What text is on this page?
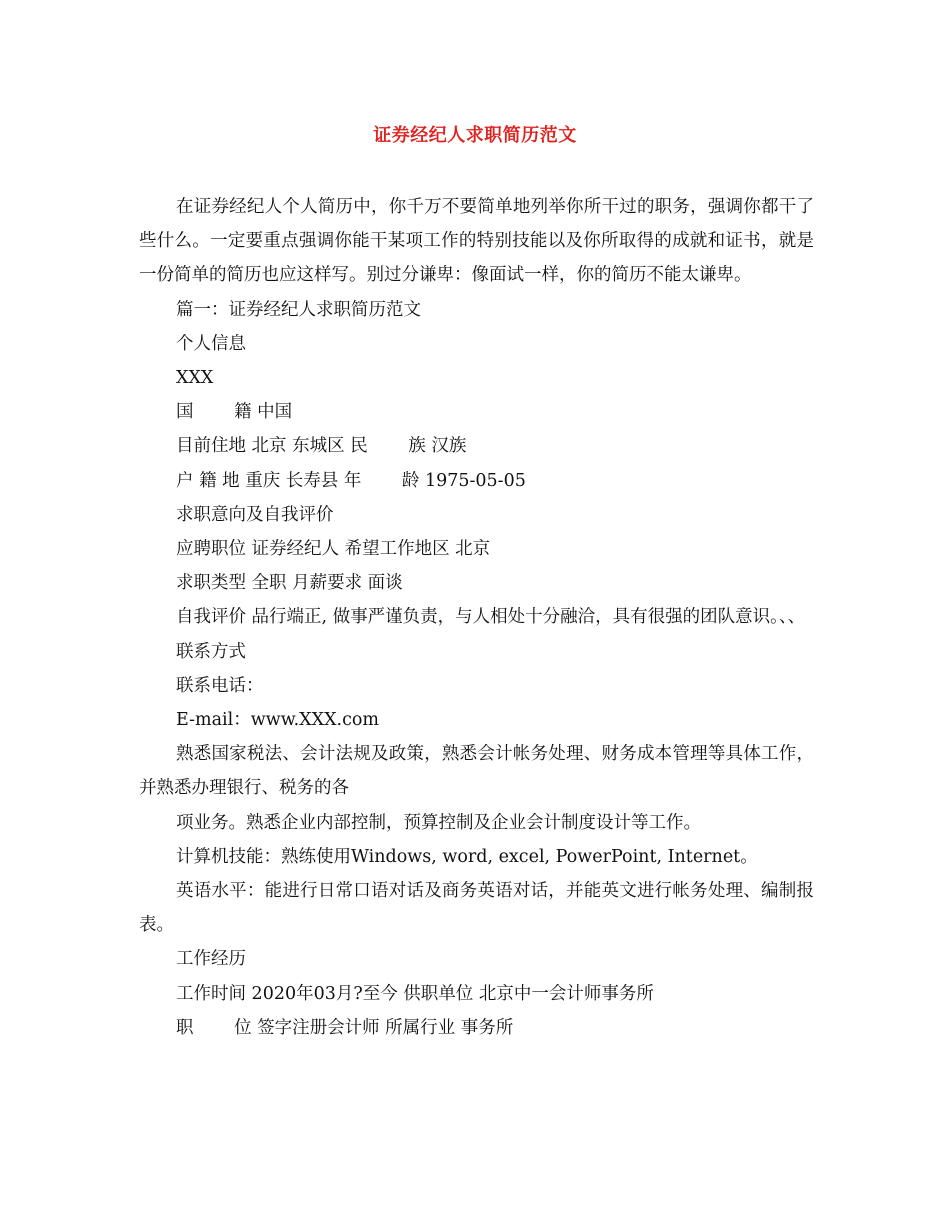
证券经纪人求职简历范文

在证券经纪人个人简历中，你千万不要简单地列举你所干过的职务，强调你都干了些什么。一定要重点强调你能干某项工作的特别技能以及你所取得的成就和证书，就是一份简单的简历也应这样写。别过分谦卑：像面试一样，你的简历不能太谦卑。

篇一：证券经纪人求职简历范文

个人信息

XXX

国　　 籍 中国

目前住地 北京 东城区 民　　 族 汉族

户 籍 地 重庆 长寿县 年　　 龄 1975-05-05

求职意向及自我评价

应聘职位 证券经纪人 希望工作地区 北京

求职类型 全职 月薪要求 面谈

自我评价 品行端正, 做事严谨负责，与人相处十分融洽，具有很强的团队意识。、、

联系方式

联系电话：

E-mail：www.XXX.com

熟悉国家税法、会计法规及政策，熟悉会计帐务处理、财务成本管理等具体工作，并熟悉办理银行、税务的各

项业务。熟悉企业内部控制，预算控制及企业会计制度设计等工作。

计算机技能：熟练使用Windows, word, excel, PowerPoint, Internet。

英语水平：能进行日常口语对话及商务英语对话，并能英文进行帐务处理、编制报表。

工作经历

工作时间 2020年03月?至今 供职单位 北京中一会计师事务所

职　　 位 签字注册会计师 所属行业 事务所
